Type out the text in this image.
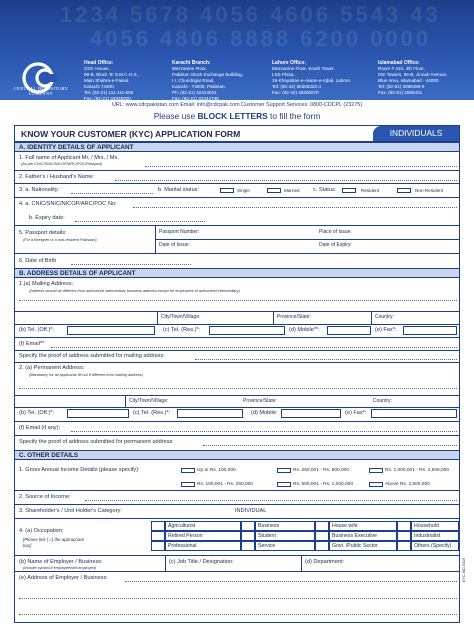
1234 5678 4056 4606 5543 43
4056 4806 8888 6200 0000
CENTRAL DEPOSITORY COMPANY
Head Office:
CDC House,
99-B, Block 'B' S.M.C.H.S.,
Main Shahra-e-Faisal,
Karachi 74400.
Tel: (92-21) 111-111-500
Fax: (92-21) 34326020
Karachi Branch:
Mezzanine Floor,
Pakistan Stock Exchange Building,
I.I. Chundrigar Road,
Karachi - 74000, Pakistan.
Ph: (92-21) 32414021
Fax: (92-21) 32444749
Lahore Office:
Mezzanine Floor, South Tower,
LSE Plaza,
19-Khayaban-e-Aiwan-e-Iqbal, Lahore.
Tel: (92-42) 36305322-4
Fax: (92-42) 36300670
Islamabad Office:
Room # 410, 4th Floor,
ISE Towers, 55-B, Jinnah Avenue,
Blue Area, Islamabad - 44000
Tel: (92-51) 2896496-9
Fax: (92-51) 2896401
URL: www.cdcpakistan.com Email: info@cdcpak.com Customer Support Services: 0800-CDCPL (23275)
Please use BLOCK LETTERS to fill the form
KNOW YOUR CUSTOMER (KYC) APPLICATION FORM	INDIVIDUALS
A. IDENTITY DETAILS OF APPLICANT
1. Full name of Applicant Mr. / Mrs. / Ms.
(As per CNIC/SNIC/NICOP/ARC/POC/Passport)
2. Father's / Husband's Name:
3. a. Nationality:	b. Marital status:	Single	Married c. Status:	Resident	Non-Resident
4. a. CNIC/SNIC/NICOP/ARC/POC No:
b. Expiry date:
5. Passport details:
(For a foreigner or a non-resident Pakistani)
Passport Number:	Place of Issue:
Date of Issue:	Date of Expiry:
6. Date of Birth
B. ADDRESS DETAILS OF APPLICANT
1.(a) Mailing Address:
(Address should be different from authorized intermediary business address except for employees of authorized intermediary)
City/Town/Village:	Province/State:	Country:
(b) Tel. (Off.)*:	(c) Tel. (Res.)*:	(d) Mobile**:	(e) Fax*:
(f) Email**
Specify the proof of address submitted for mailing address:
2. (a) Permanent Address:
(Mandatory for all applicants fill out if different from mailing address)
City/Town/Village:	Province/State:	Country:
(b) Tel. (Off.)*:	(c) Tel. (Res.)*:	(d) Mobile:	(e) Fax*:
(f) Email (if any):
Specify the proof of address submitted for permanent address:
C. OTHER DETAILS
1. Gross Annual Income Details (please specify):	Up to Rs. 100,000	Rs. 250,001 - Rs. 500,000	Rs. 1,000,001 - Rs. 2,500,000
Rs. 100,001 - Rs. 250,000	Rs. 500,001 - Rs. 1,000,000	Above Rs. 2,500,000
2. Source of Income:
3. Shareholder's / Unit Holder's Category:	INDIVIDUAL
4. (a) Occupation:
[Please tick (✓) the appropriate
box]
Agriculturist	Business	House wife	Household
Retired Person	Student	Business Executive	Industrialist
Professional	Service	Govt. /Public Sector	Others (Specify)
(b) Name of Employer / Business:
(Include symbol if employee/self-employed)
(c) Job Title / Designation:	(d) Department:
(e) Address of Employer / Business:	KYC-IND-0319
